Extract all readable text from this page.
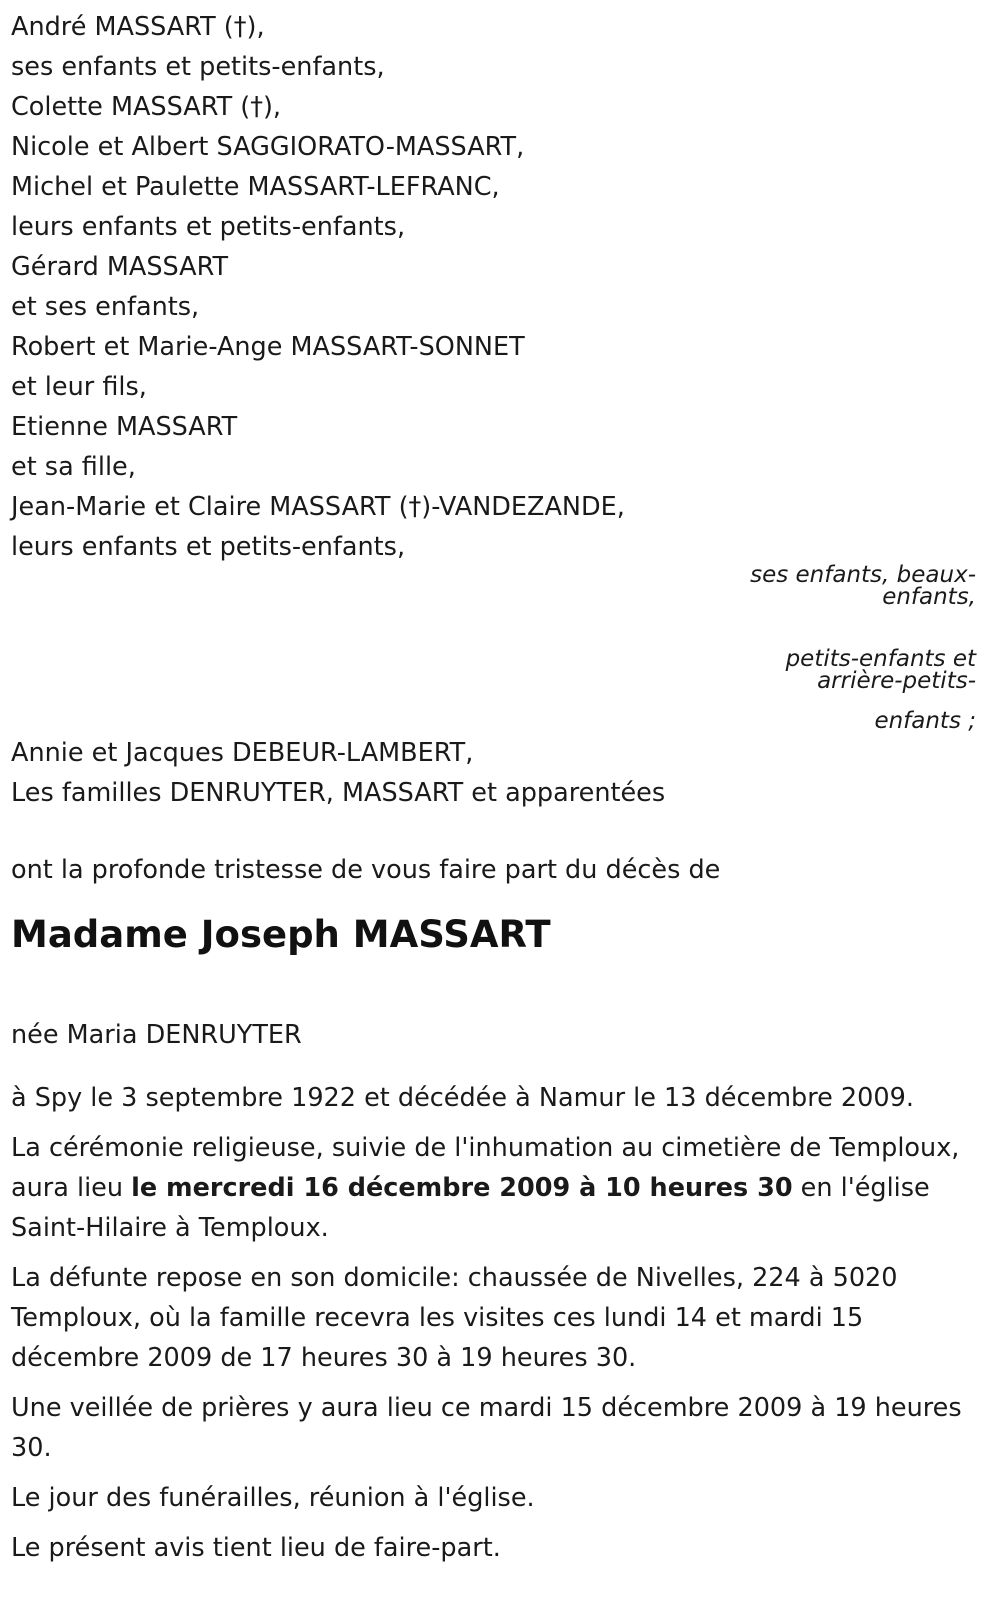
André MASSART (†),
ses enfants et petits-enfants,
Colette MASSART (†),
Nicole et Albert SAGGIORATO-MASSART,
Michel et Paulette MASSART-LEFRANC,
leurs enfants et petits-enfants,
Gérard MASSART
et ses enfants,
Robert et Marie-Ange MASSART-SONNET
et leur fils,
Etienne MASSART
et sa fille,
Jean-Marie et Claire MASSART (†)-VANDEZANDE,
leurs enfants et petits-enfants,
ses enfants, beaux-
enfants,
petits-enfants et
arrière-petits-
enfants ;
Annie et Jacques DEBEUR-LAMBERT,
Les familles DENRUYTER, MASSART et apparentées
ont la profonde tristesse de vous faire part du décès de
Madame Joseph MASSART
née Maria DENRUYTER

à Spy le 3 septembre 1922 et décédée à Namur le 13 décembre 2009.

La cérémonie religieuse, suivie de l'inhumation au cimetière de Temploux, aura lieu le mercredi 16 décembre 2009 à 10 heures 30 en l'église Saint-Hilaire à Temploux.

La défunte repose en son domicile: chaussée de Nivelles, 224 à 5020 Temploux, où la famille recevra les visites ces lundi 14 et mardi 15 décembre 2009 de 17 heures 30 à 19 heures 30.

Une veillée de prières y aura lieu ce mardi 15 décembre 2009 à 19 heures 30.

Le jour des funérailles, réunion à l'église.

Le présent avis tient lieu de faire-part.
